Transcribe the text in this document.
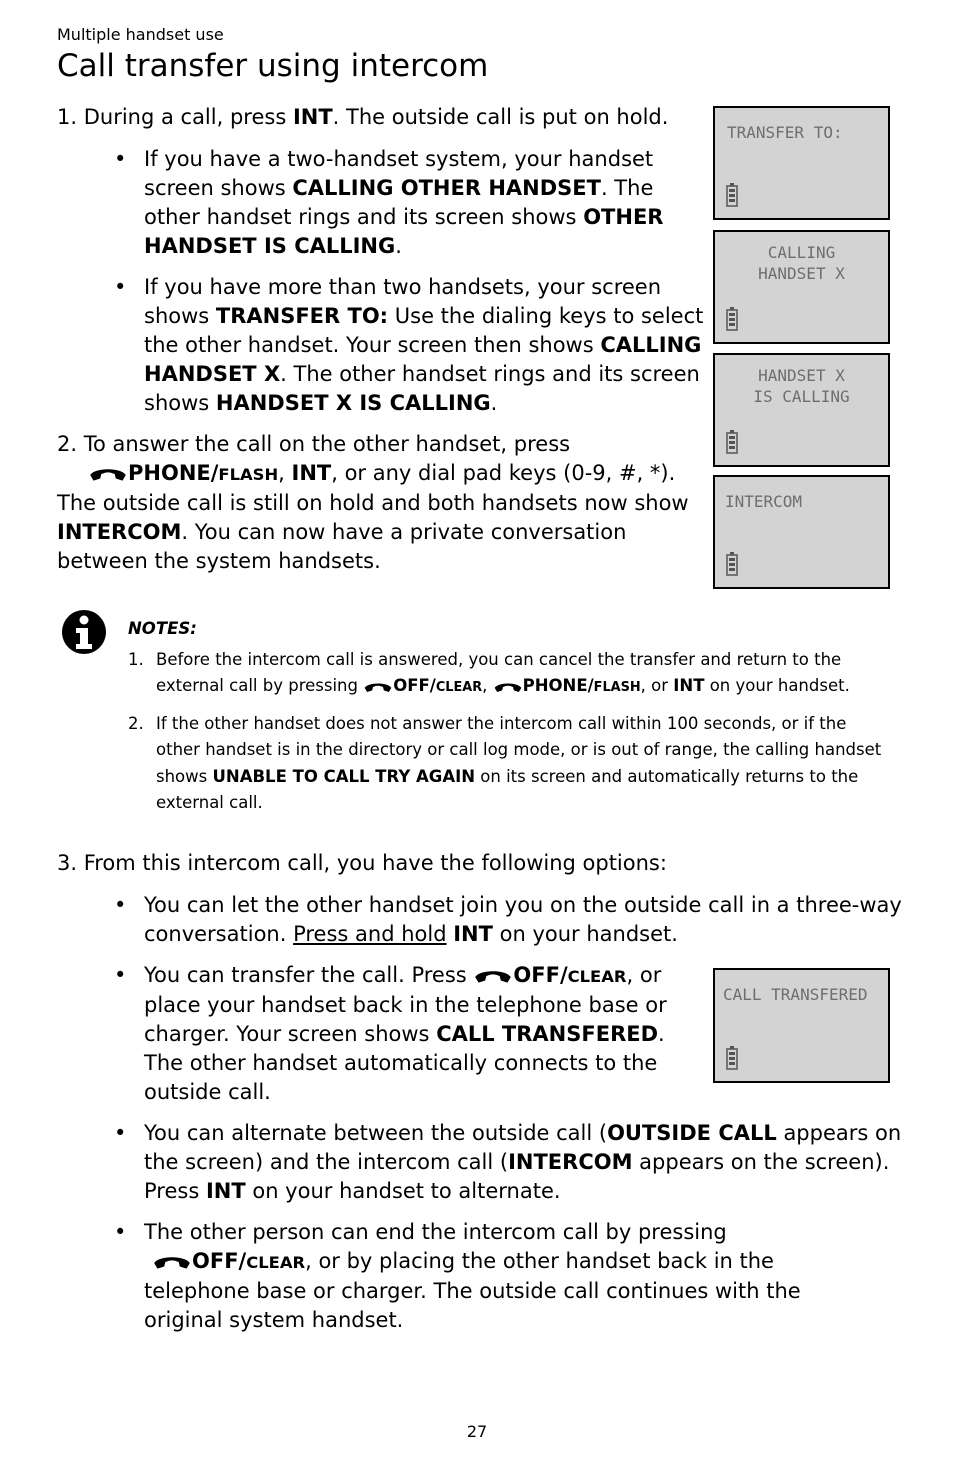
Multiple handset use
Call transfer using intercom

1. During a call, press INT. The outside call is put on hold.

• If you have a two-handset system, your handset screen shows CALLING OTHER HANDSET. The other handset rings and its screen shows OTHER HANDSET IS CALLING.
• If you have more than two handsets, your screen shows TRANSFER TO: Use the dialing keys to select the other handset. Your screen then shows CALLING HANDSET X. The other handset rings and its screen shows HANDSET X IS CALLING.

2. To answer the call on the other handset, press
PHONE/FLASH, INT, or any dial pad keys (0-9, #, *). The outside call is still on hold and both handsets now show INTERCOM. You can now have a private conversation between the system handsets.

TRANSFER TO:
CALLING
HANDSET X
HANDSET X
IS CALLING
INTERCOM

NOTES:

1. Before the intercom call is answered, you can cancel the transfer and return to the external call by pressing OFF/CLEAR, PHONE/FLASH, or INT on your handset.
2. If the other handset does not answer the intercom call within 100 seconds, or if the other handset is in the directory or call log mode, or is out of range, the calling handset shows UNABLE TO CALL TRY AGAIN on its screen and automatically returns to the external call.

3. From this intercom call, you have the following options:

• You can let the other handset join you on the outside call in a three-way conversation. Press and hold INT on your handset.
• You can transfer the call. Press OFF/CLEAR, or place your handset back in the telephone base or charger. Your screen shows CALL TRANSFERED. The other handset automatically connects to the outside call.
• You can alternate between the outside call (OUTSIDE CALL appears on the screen) and the intercom call (INTERCOM appears on the screen). Press INT on your handset to alternate.
• The other person can end the intercom call by pressing
OFF/CLEAR, or by placing the other handset back in the telephone base or charger. The outside call continues with the original system handset.
CALL TRANSFERED
27
